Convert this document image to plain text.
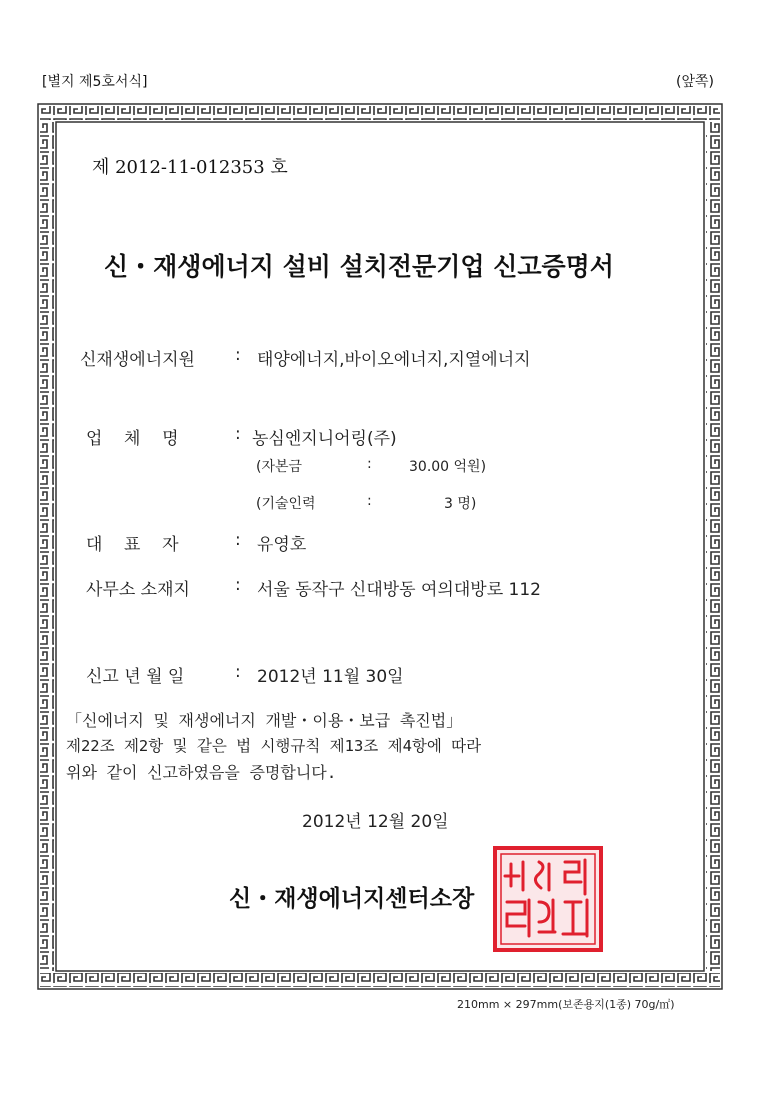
[별지 제5호서식]	(앞쪽)
제 2012-11-012353 호
신・재생에너지 설비 설치전문기업 신고증명서
신재생에너지원 : 태양에너지,바이오에너지,지열에너지
업    체    명	: 농심엔지니어링(주)
(자본금	:	30.00 억원)
(기술인력	:	3 명)
대    표    자	: 유영호
사무소 소재지	: 서울 동작구 신대방동 여의대방로 112
신고 년 월 일	: 2012년 11월 30일
「신에너지 및 재생에너지 개발・이용・보급 촉진법」
제22조 제2항 및 같은 법 시행규칙 제13조 제4항에 따라
위와 같이 신고하였음을 증명합니다.
2012년 12월 20일
신・재생에너지센터소장
210mm × 297mm(보존용지(1종) 70g/㎡)
